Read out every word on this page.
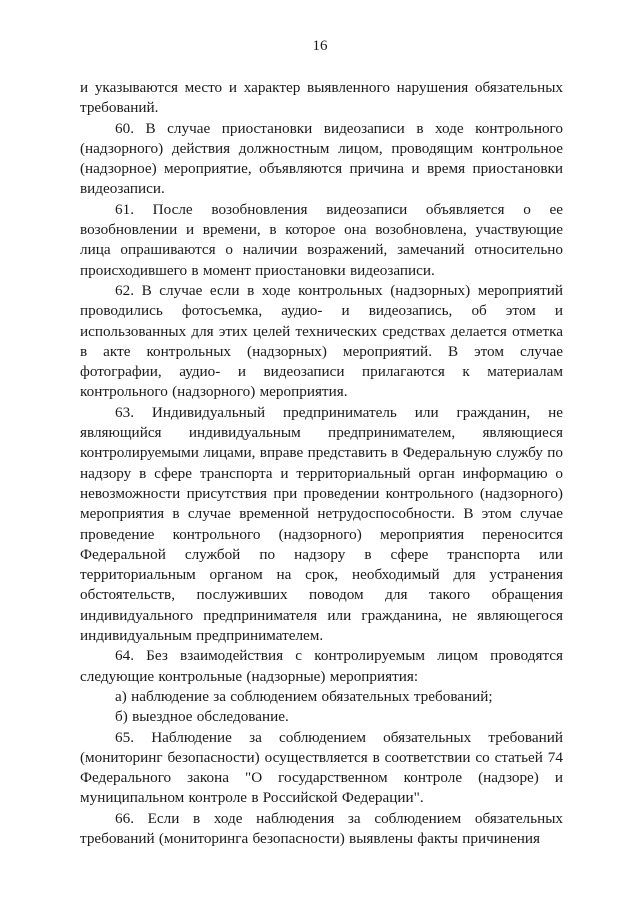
16

и указываются место и характер выявленного нарушения обязательных требований.

60. В случае приостановки видеозаписи в ходе контрольного (надзорного) действия должностным лицом, проводящим контрольное (надзорное) мероприятие, объявляются причина и время приостановки видеозаписи.

61. После возобновления видеозаписи объявляется о ее возобновлении и времени, в которое она возобновлена, участвующие лица опрашиваются о наличии возражений, замечаний относительно происходившего в момент приостановки видеозаписи.

62. В случае если в ходе контрольных (надзорных) мероприятий проводились фотосъемка, аудио- и видеозапись, об этом и использованных для этих целей технических средствах делается отметка в акте контрольных (надзорных) мероприятий. В этом случае фотографии, аудио- и видеозаписи прилагаются к материалам контрольного (надзорного) мероприятия.

63. Индивидуальный предприниматель или гражданин, не являющийся индивидуальным предпринимателем, являющиеся контролируемыми лицами, вправе представить в Федеральную службу по надзору в сфере транспорта и территориальный орган информацию о невозможности присутствия при проведении контрольного (надзорного) мероприятия в случае временной нетрудоспособности. В этом случае проведение контрольного (надзорного) мероприятия переносится Федеральной службой по надзору в сфере транспорта или территориальным органом на срок, необходимый для устранения обстоятельств, послуживших поводом для такого обращения индивидуального предпринимателя или гражданина, не являющегося индивидуальным предпринимателем.

64. Без взаимодействия с контролируемым лицом проводятся следующие контрольные (надзорные) мероприятия:

а) наблюдение за соблюдением обязательных требований;

б) выездное обследование.

65. Наблюдение за соблюдением обязательных требований (мониторинг безопасности) осуществляется в соответствии со статьей 74 Федерального закона "О государственном контроле (надзоре) и муниципальном контроле в Российской Федерации".

66. Если в ходе наблюдения за соблюдением обязательных требований (мониторинга безопасности) выявлены факты причинения
